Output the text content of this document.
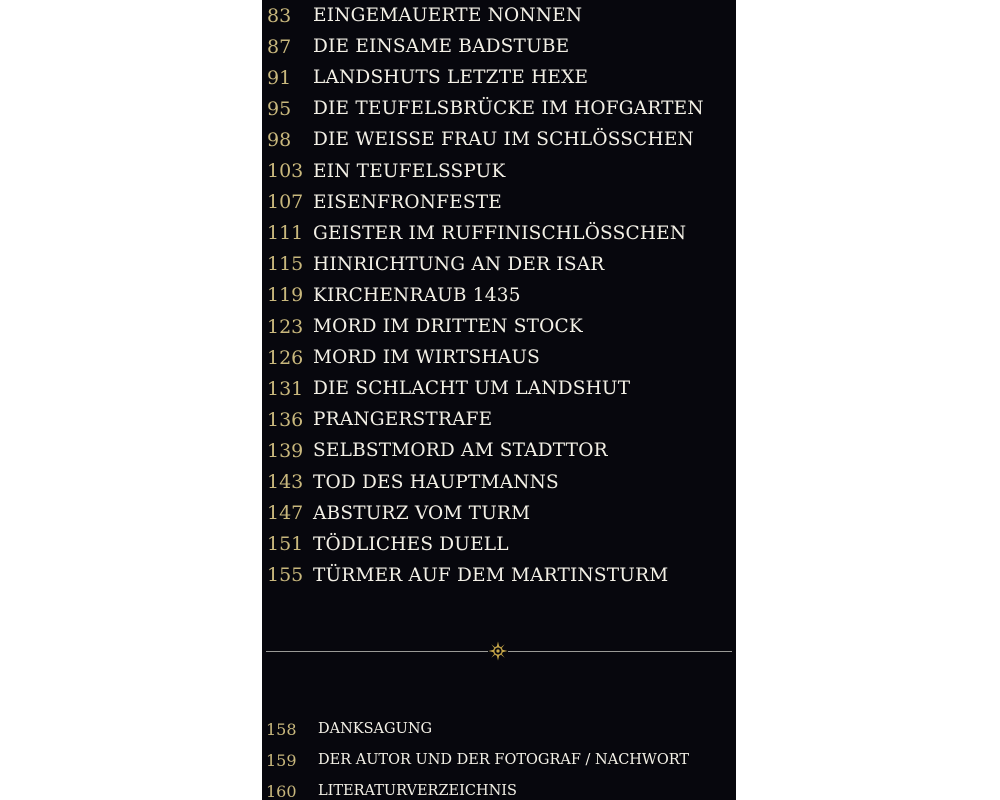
83 EINGEMAUERTE NONNEN
87 DIE EINSAME BADSTUBE
91 LANDSHUTS LETZTE HEXE
95 DIE TEUFELSBRÜCKE IM HOFGARTEN
98 DIE WEISSE FRAU IM SCHLÖSSCHEN
103 EIN TEUFELSSPUK
107 EISENFRONFESTE
111 GEISTER IM RUFFINISCHLÖSSCHEN
115 HINRICHTUNG AN DER ISAR
119 KIRCHENRAUB 1435
123 MORD IM DRITTEN STOCK
126 MORD IM WIRTSHAUS
131 DIE SCHLACHT UM LANDSHUT
136 PRANGERSTRAFE
139 SELBSTMORD AM STADTTOR
143 TOD DES HAUPTMANNS
147 ABSTURZ VOM TURM
151 TÖDLICHES DUELL
155 TÜRMER AUF DEM MARTINSTURM
158 DANKSAGUNG
159 DER AUTOR UND DER FOTOGRAF / NACHWORT
160 LITERATURVERZEICHNIS
